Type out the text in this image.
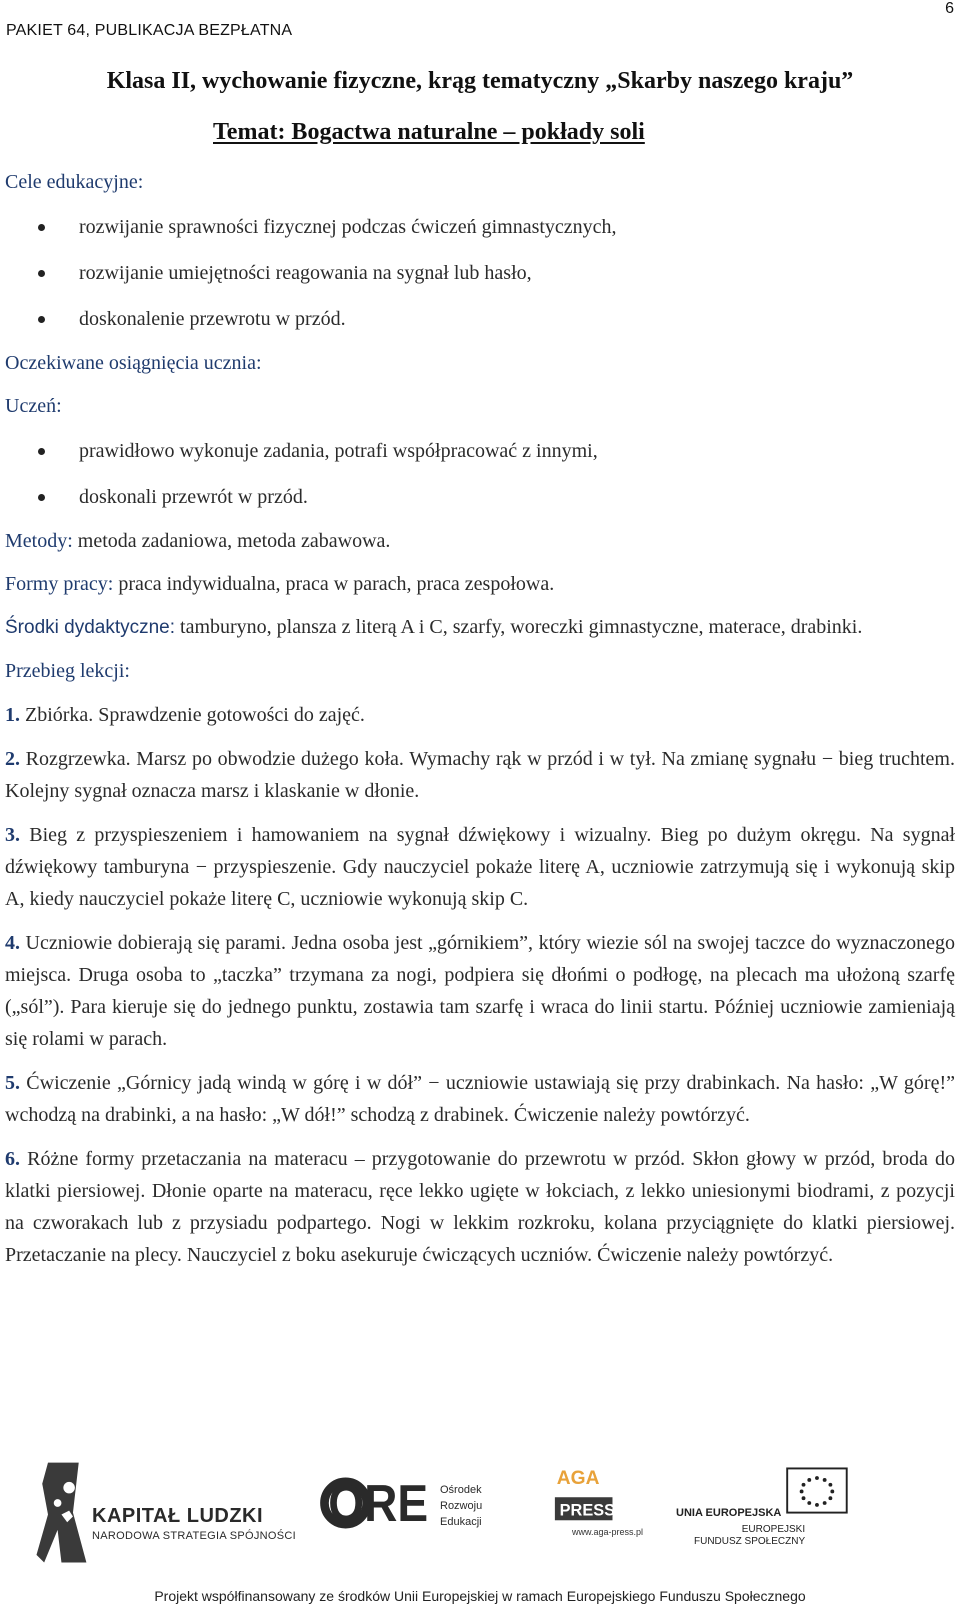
PAKIET 64, PUBLIKACJA BEZPŁATNA
6
Klasa II, wychowanie fizyczne, krąg tematyczny „Skarby naszego kraju”
Temat: Bogactwa naturalne – pokłady soli

Cele edukacyjne:

rozwijanie sprawności fizycznej podczas ćwiczeń gimnastycznych,
rozwijanie umiejętności reagowania na sygnał lub hasło,
doskonalenie przewrotu w przód.

Oczekiwane osiągnięcia ucznia:

Uczeń:

prawidłowo wykonuje zadania, potrafi współpracować z innymi,
doskonali przewrót w przód.

Metody: metoda zadaniowa, metoda zabawowa.

Formy pracy: praca indywidualna, praca w parach, praca zespołowa.

Środki dydaktyczne: tamburyno, plansza z literą A i C, szarfy, woreczki gimnastyczne, materace, drabinki.

Przebieg lekcji:

1. Zbiórka. Sprawdzenie gotowości do zajęć.

2. Rozgrzewka. Marsz po obwodzie dużego koła. Wymachy rąk w przód i w tył. Na zmianę sygnału − bieg truchtem. Kolejny sygnał oznacza marsz i klaskanie w dłonie.

3. Bieg z przyspieszeniem i hamowaniem na sygnał dźwiękowy i wizualny. Bieg po dużym okręgu. Na sygnał dźwiękowy tamburyna − przyspieszenie. Gdy nauczyciel pokaże literę A, uczniowie zatrzymują się i wykonują skip A, kiedy nauczyciel pokaże literę C, uczniowie wykonują skip C.

4. Uczniowie dobierają się parami. Jedna osoba jest „górnikiem”, który wiezie sól na swojej taczce do wyznaczonego miejsca. Druga osoba to „taczka” trzymana za nogi, podpiera się dłońmi o podłogę, na plecach ma ułożoną szarfę („sól”). Para kieruje się do jednego punktu, zostawia tam szarfę i wraca do linii startu. Później uczniowie zamieniają się rolami w parach.

5. Ćwiczenie „Górnicy jadą windą w górę i w dół” − uczniowie ustawiają się przy drabinkach. Na hasło: „W górę!” wchodzą na drabinki, a na hasło: „W dół!” schodzą z drabinek. Ćwiczenie należy powtórzyć.

6. Różne formy przetaczania na materacu – przygotowanie do przewrotu w przód. Skłon głowy w przód, broda do klatki piersiowej. Dłonie oparte na materacu, ręce lekko ugięte w łokciach, z lekko uniesionymi biodrami, z pozycji na czworakach lub z przysiadu podpartego. Nogi w lekkim rozkroku, kolana przyciągnięte do klatki piersiowej. Przetaczanie na plecy. Nauczyciel z boku asekuruje ćwiczących uczniów. Ćwiczenie należy powtórzyć.

ORE	AGA
PRESS
KAPITAŁ LUDZKI
NARODOWA STRATEGIA SPÓJNOŚCI
Ośrodek
Rozwoju
Edukacji
www.aga-press.pl
UNIA EUROPEJSKA
EUROPEJSKI
FUNDUSZ SPOŁECZNY
Projekt współfinansowany ze środków Unii Europejskiej w ramach Europejskiego Funduszu Społecznego
